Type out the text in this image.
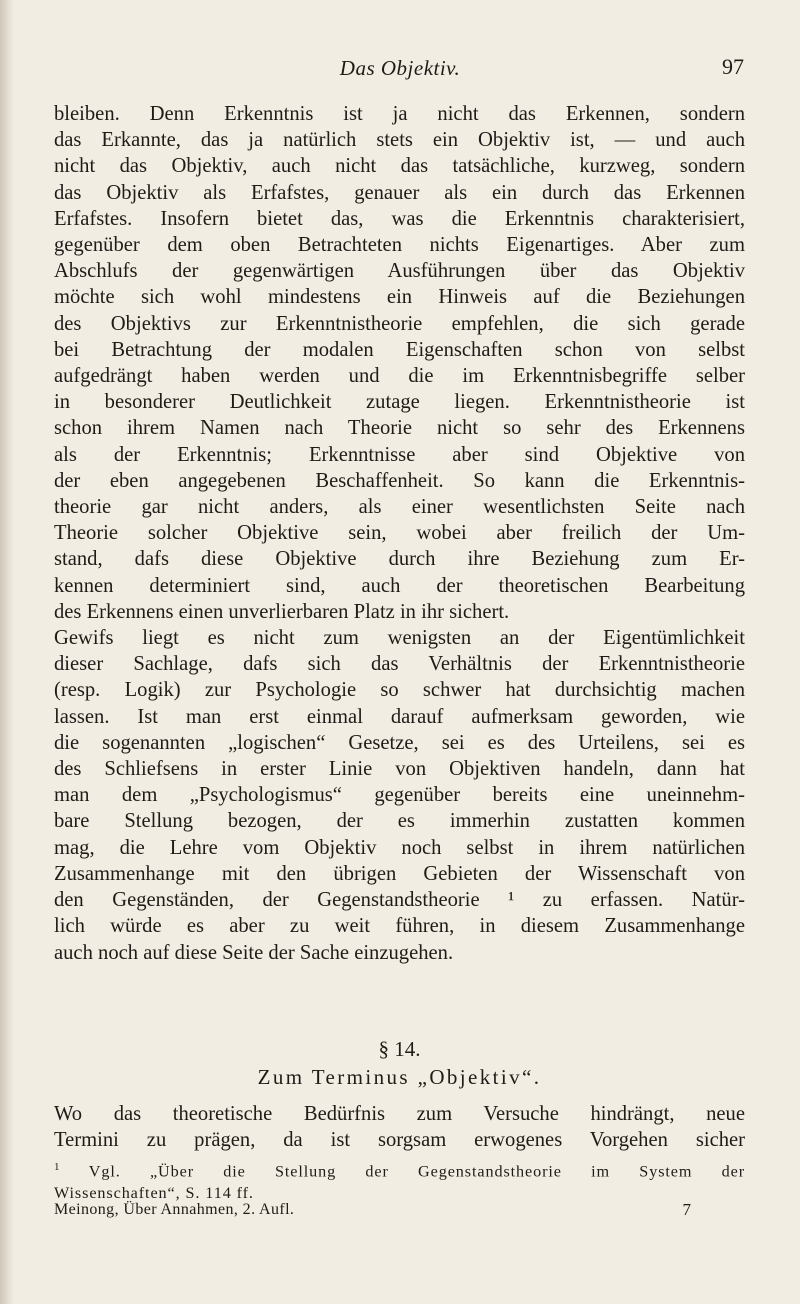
Das Objektiv.	97
bleiben. Denn Erkenntnis ist ja nicht das Erkennen, sondern
das Erkannte, das ja natürlich stets ein Objektiv ist, — und auch
nicht das Objektiv, auch nicht das tatsächliche, kurzweg, sondern
das Objektiv als Erfafstes, genauer als ein durch das Erkennen
Erfafstes. Insofern bietet das, was die Erkenntnis charakterisiert,
gegenüber dem oben Betrachteten nichts Eigenartiges. Aber zum
Abschlufs der gegenwärtigen Ausführungen über das Objektiv
möchte sich wohl mindestens ein Hinweis auf die Beziehungen
des Objektivs zur Erkenntnistheorie empfehlen, die sich gerade
bei Betrachtung der modalen Eigenschaften schon von selbst
aufgedrängt haben werden und die im Erkenntnisbegriffe selber
in besonderer Deutlichkeit zutage liegen. Erkenntnistheorie ist
schon ihrem Namen nach Theorie nicht so sehr des Erkennens
als der Erkenntnis; Erkenntnisse aber sind Objektive von
der eben angegebenen Beschaffenheit. So kann die Erkenntnis-
theorie gar nicht anders, als einer wesentlichsten Seite nach
Theorie solcher Objektive sein, wobei aber freilich der Um-
stand, dafs diese Objektive durch ihre Beziehung zum Er-
kennen determiniert sind, auch der theoretischen Bearbeitung
des Erkennens einen unverlierbaren Platz in ihr sichert.
Gewifs liegt es nicht zum wenigsten an der Eigentümlichkeit
dieser Sachlage, dafs sich das Verhältnis der Erkenntnistheorie
(resp. Logik) zur Psychologie so schwer hat durchsichtig machen
lassen. Ist man erst einmal darauf aufmerksam geworden, wie
die sogenannten „logischen“ Gesetze, sei es des Urteilens, sei es
des Schliefsens in erster Linie von Objektiven handeln, dann hat
man dem „Psychologismus“ gegenüber bereits eine uneinnehm-
bare Stellung bezogen, der es immerhin zustatten kommen
mag, die Lehre vom Objektiv noch selbst in ihrem natürlichen
Zusammenhange mit den übrigen Gebieten der Wissenschaft von
den Gegenständen, der Gegenstandstheorie ¹ zu erfassen. Natür-
lich würde es aber zu weit führen, in diesem Zusammenhange
auch noch auf diese Seite der Sache einzugehen.
§ 14.
Zum Terminus „Objektiv“.
Wo das theoretische Bedürfnis zum Versuche hindrängt, neue
Termini zu prägen, da ist sorgsam erwogenes Vorgehen sicher
$^1$ Vgl. „Über die Stellung der Gegenstandstheorie im System der
Wissenschaften“, S. 114 ff.
Meinong, Über Annahmen, 2. Aufl.	7
